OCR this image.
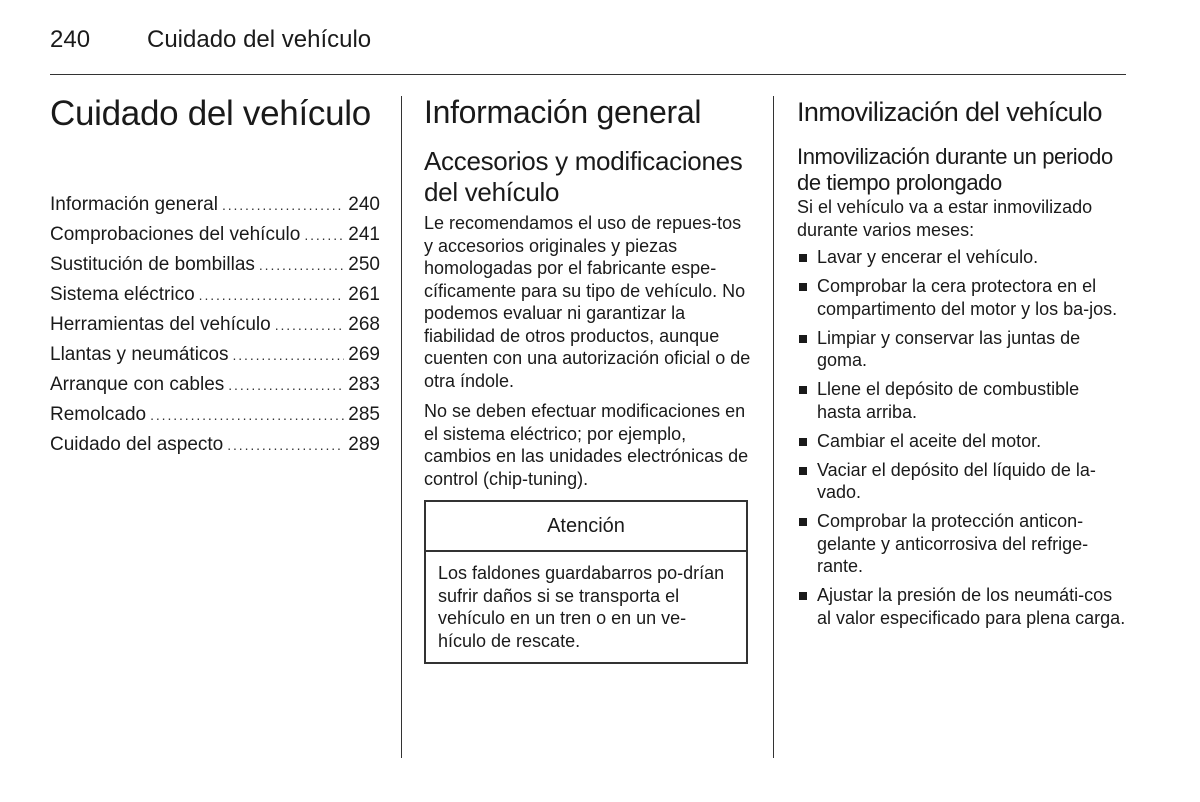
240	Cuidado del vehículo
Cuidado del vehículo
Información general . . .	240
Comprobaciones del vehículo . . .	241
Sustitución de bombillas . . .	250
Sistema eléctrico . . .	261
Herramientas del vehículo . . .	268
Llantas y neumáticos . . .	269
Arranque con cables . . .	283
Remolcado . . .	285
Cuidado del aspecto . . .	289
Información general
Accesorios y modificaciones del vehículo

Le recomendamos el uso de repues-tos y accesorios originales y piezas homologadas por el fabricante espe-cíficamente para su tipo de vehículo. No podemos evaluar ni garantizar la fiabilidad de otros productos, aunque cuenten con una autorización oficial o de otra índole.

No se deben efectuar modificaciones en el sistema eléctrico; por ejemplo, cambios en las unidades electrónicas de control (chip-tuning).

Atención
Los faldones guardabarros po-drían sufrir daños si se transporta el vehículo en un tren o en un ve-hículo de rescate.
Inmovilización del vehículo
Inmovilización durante un periodo de tiempo prolongado

Si el vehículo va a estar inmovilizado durante varios meses:

Lavar y encerar el vehículo.
Comprobar la cera protectora en el compartimento del motor y los ba-jos.
Limpiar y conservar las juntas de goma.
Llene el depósito de combustible hasta arriba.
Cambiar el aceite del motor.
Vaciar el depósito del líquido de la-vado.
Comprobar la protección anticon-gelante y anticorrosiva del refrige-rante.
Ajustar la presión de los neumáti-cos al valor especificado para plena carga.
